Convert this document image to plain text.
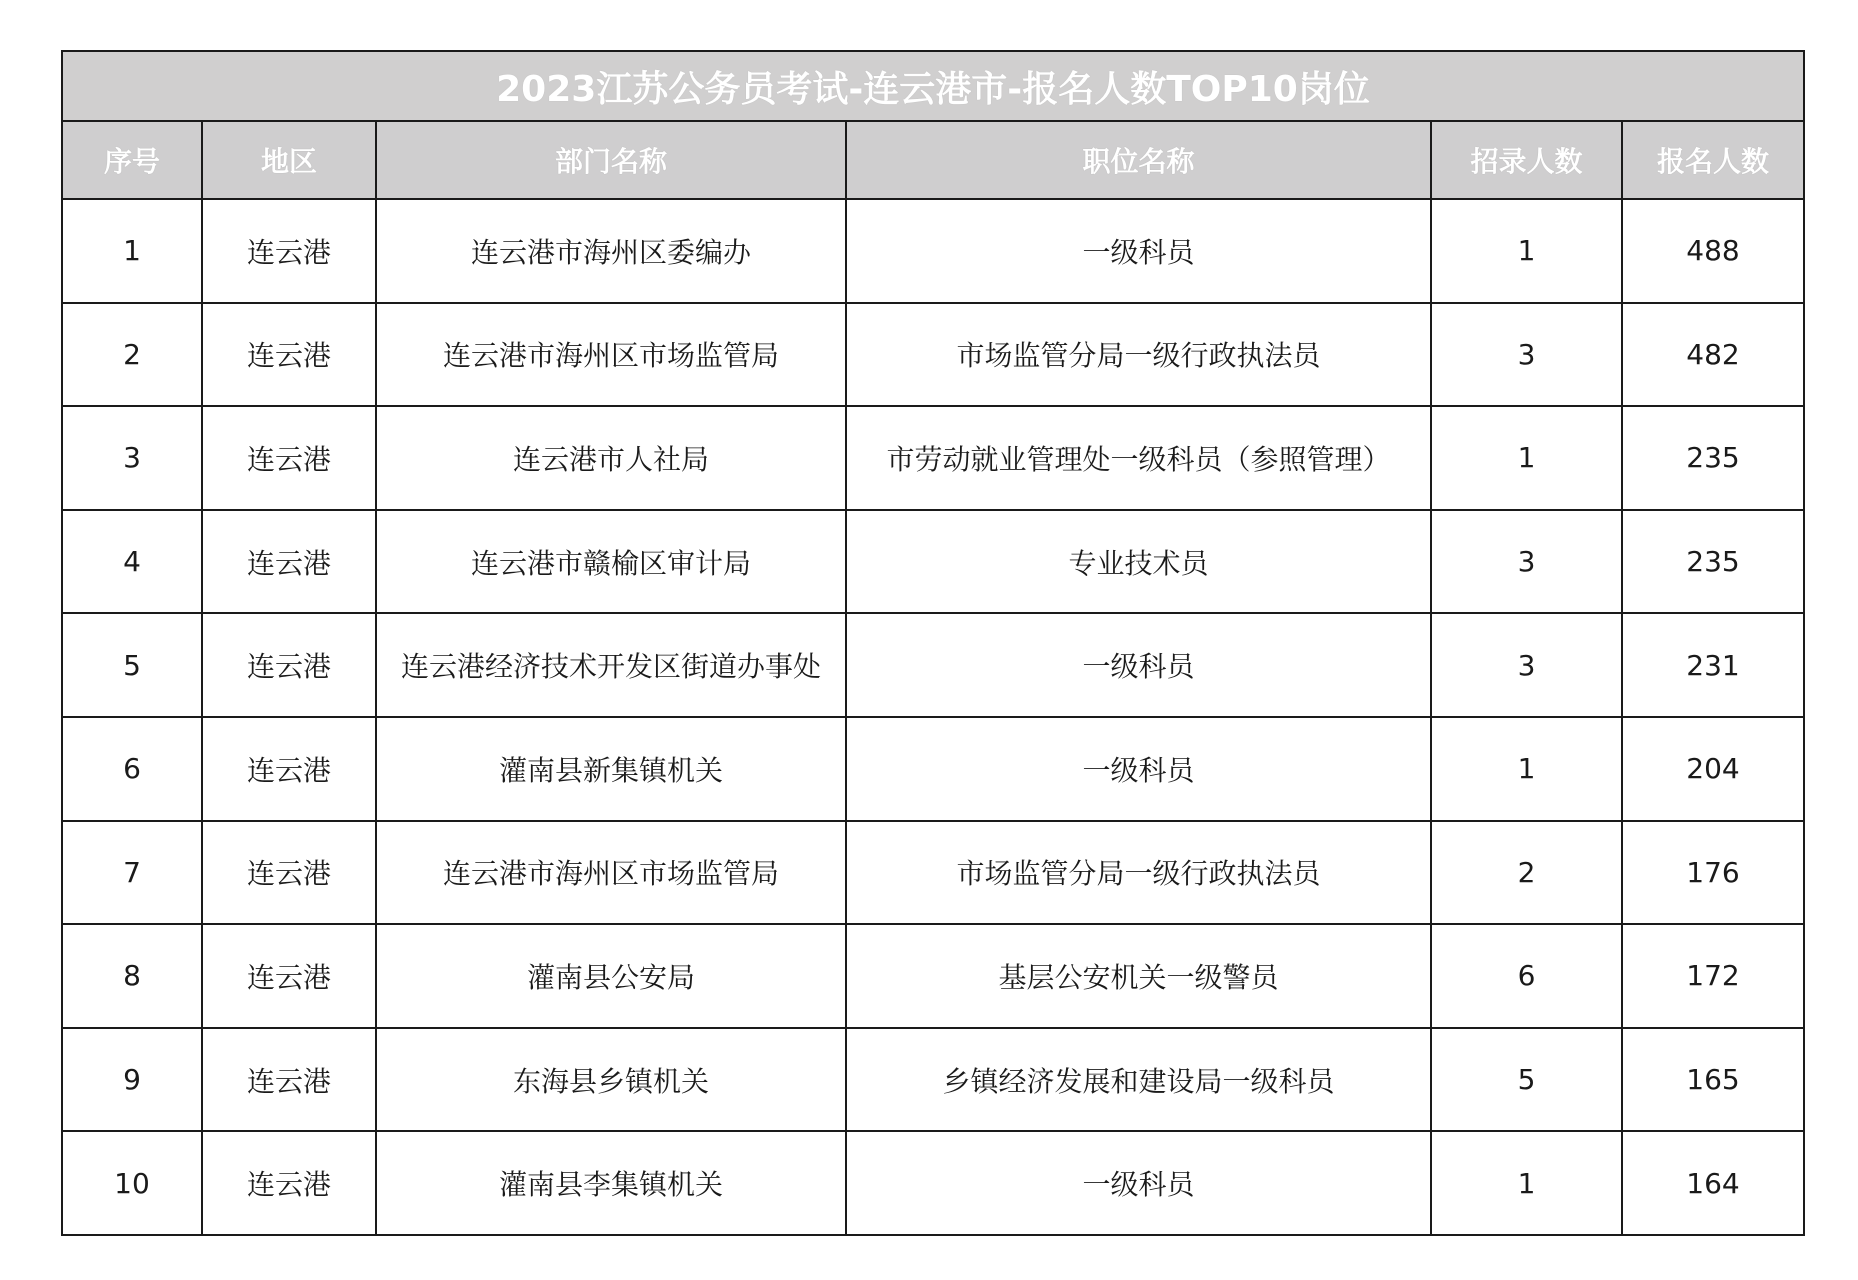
2023江苏公务员考试-连云港市-报名人数TOP10岗位
序号	地区	部门名称	职位名称	招录人数	报名人数
1	连云港	连云港市海州区委编办	一级科员	1	488
2	连云港	连云港市海州区市场监管局	市场监管分局一级行政执法员	3	482
3	连云港	连云港市人社局	市劳动就业管理处一级科员（参照管理）	1	235
4	连云港	连云港市赣榆区审计局	专业技术员	3	235
5	连云港	连云港经济技术开发区街道办事处	一级科员	3	231
6	连云港	灌南县新集镇机关	一级科员	1	204
7	连云港	连云港市海州区市场监管局	市场监管分局一级行政执法员	2	176
8	连云港	灌南县公安局	基层公安机关一级警员	6	172
9	连云港	东海县乡镇机关	乡镇经济发展和建设局一级科员	5	165
10	连云港	灌南县李集镇机关	一级科员	1	164
